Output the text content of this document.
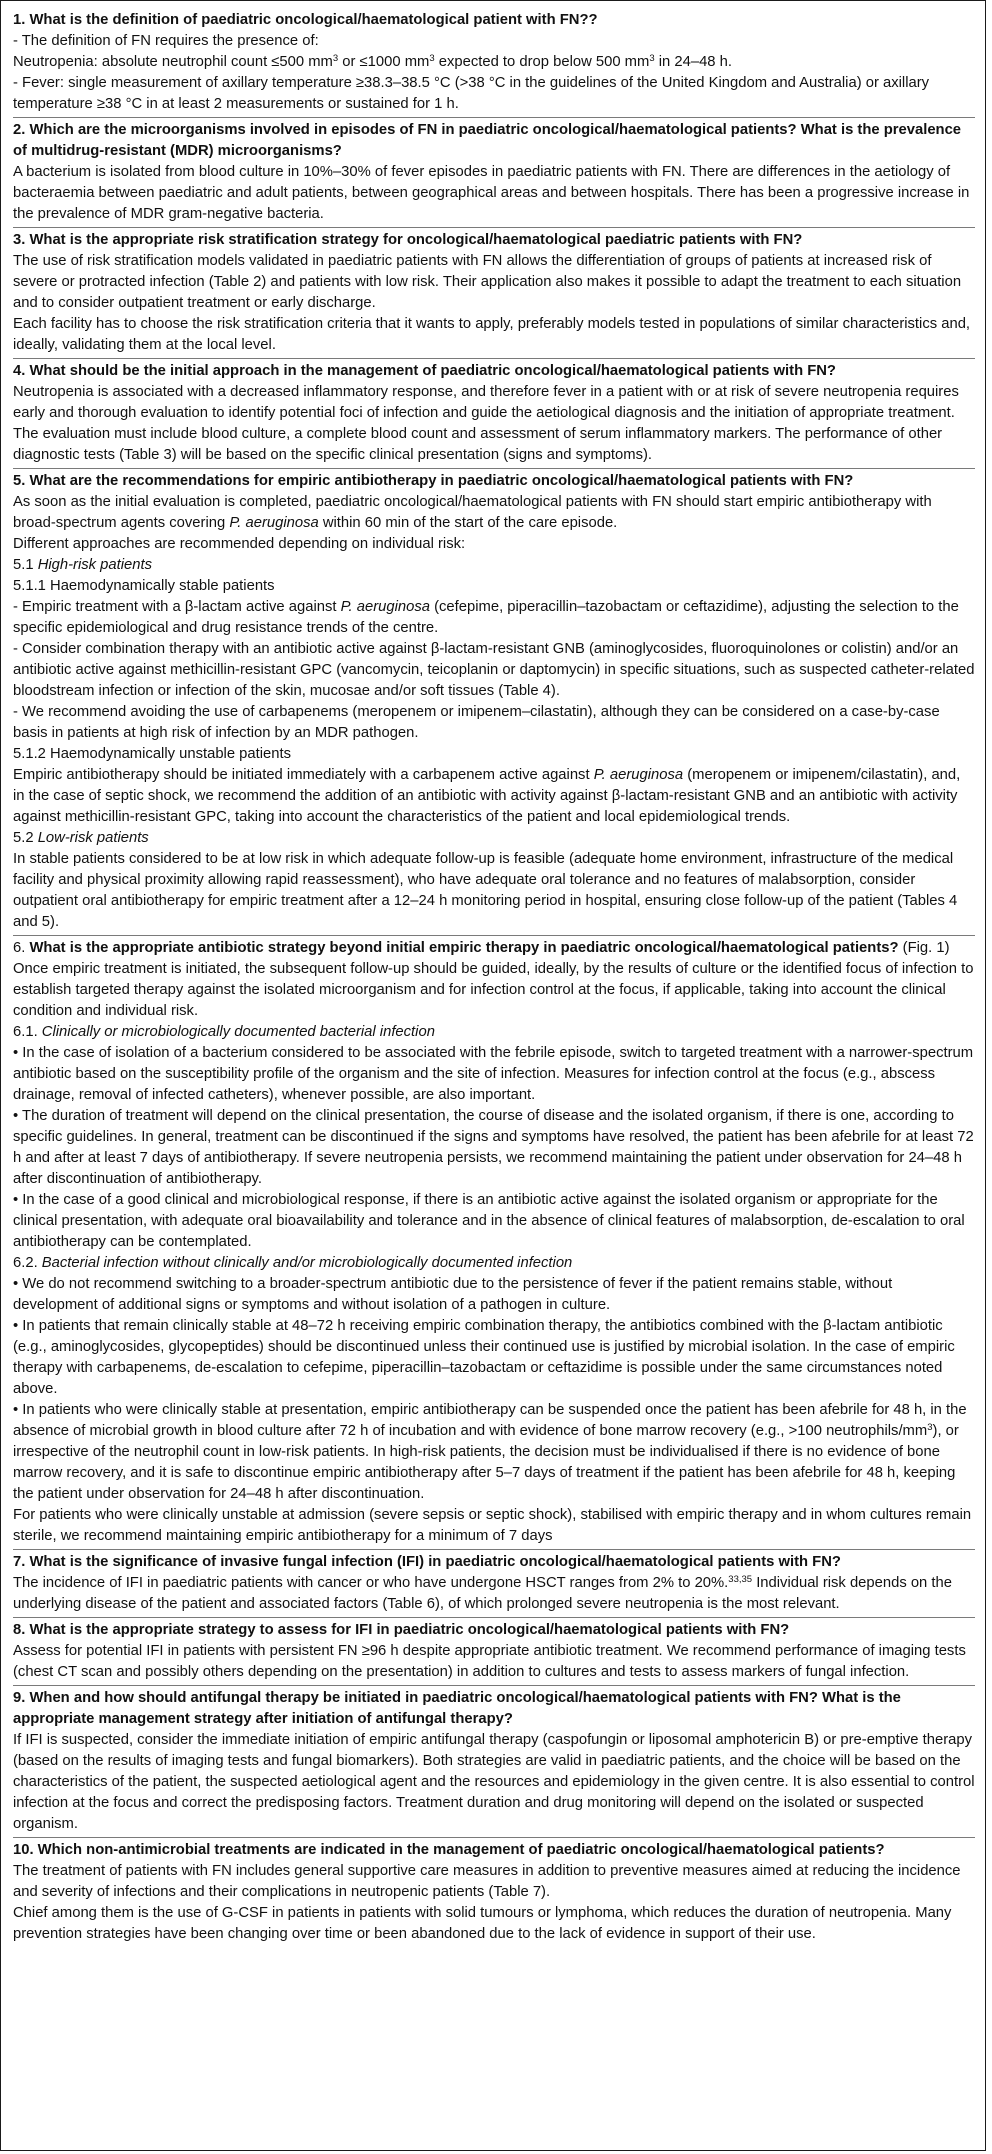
1. What is the definition of paediatric oncological/haematological patient with FN??

- The definition of FN requires the presence of:

Neutropenia: absolute neutrophil count ≤500 $mm^3$ or ≤1000 $mm^3$ expected to drop below 500 $mm^3$ in 24–48 h.

- Fever: single measurement of axillary temperature ≥38.3–38.5 °C (>38 °C in the guidelines of the United Kingdom and Australia) or axillary temperature ≥38 °C in at least 2 measurements or sustained for 1 h.

2. Which are the microorganisms involved in episodes of FN in paediatric oncological/haematological patients? What is the prevalence of multidrug-resistant (MDR) microorganisms?

A bacterium is isolated from blood culture in 10%–30% of fever episodes in paediatric patients with FN. There are differences in the aetiology of bacteraemia between paediatric and adult patients, between geographical areas and between hospitals. There has been a progressive increase in the prevalence of MDR gram-negative bacteria.

3. What is the appropriate risk stratification strategy for oncological/haematological paediatric patients with FN?

The use of risk stratification models validated in paediatric patients with FN allows the differentiation of groups of patients at increased risk of severe or protracted infection (Table 2) and patients with low risk. Their application also makes it possible to adapt the treatment to each situation and to consider outpatient treatment or early discharge.

Each facility has to choose the risk stratification criteria that it wants to apply, preferably models tested in populations of similar characteristics and, ideally, validating them at the local level.

4. What should be the initial approach in the management of paediatric oncological/haematological patients with FN?

Neutropenia is associated with a decreased inflammatory response, and therefore fever in a patient with or at risk of severe neutropenia requires early and thorough evaluation to identify potential foci of infection and guide the aetiological diagnosis and the initiation of appropriate treatment. The evaluation must include blood culture, a complete blood count and assessment of serum inflammatory markers. The performance of other diagnostic tests (Table 3) will be based on the specific clinical presentation (signs and symptoms).

5. What are the recommendations for empiric antibiotherapy in paediatric oncological/haematological patients with FN?

As soon as the initial evaluation is completed, paediatric oncological/haematological patients with FN should start empiric antibiotherapy with broad-spectrum agents covering P. aeruginosa within 60 min of the start of the care episode.

Different approaches are recommended depending on individual risk:

5.1 High-risk patients

5.1.1 Haemodynamically stable patients

- Empiric treatment with a β-lactam active against P. aeruginosa (cefepime, piperacillin–tazobactam or ceftazidime), adjusting the selection to the specific epidemiological and drug resistance trends of the centre.

- Consider combination therapy with an antibiotic active against β-lactam-resistant GNB (aminoglycosides, fluoroquinolones or colistin) and/or an antibiotic active against methicillin-resistant GPC (vancomycin, teicoplanin or daptomycin) in specific situations, such as suspected catheter-related bloodstream infection or infection of the skin, mucosae and/or soft tissues (Table 4).

- We recommend avoiding the use of carbapenems (meropenem or imipenem–cilastatin), although they can be considered on a case-by-case basis in patients at high risk of infection by an MDR pathogen.

5.1.2 Haemodynamically unstable patients

Empiric antibiotherapy should be initiated immediately with a carbapenem active against P. aeruginosa (meropenem or imipenem/cilastatin), and, in the case of septic shock, we recommend the addition of an antibiotic with activity against β-lactam-resistant GNB and an antibiotic with activity against methicillin-resistant GPC, taking into account the characteristics of the patient and local epidemiological trends.

5.2 Low-risk patients

In stable patients considered to be at low risk in which adequate follow-up is feasible (adequate home environment, infrastructure of the medical facility and physical proximity allowing rapid reassessment), who have adequate oral tolerance and no features of malabsorption, consider outpatient oral antibiotherapy for empiric treatment after a 12–24 h monitoring period in hospital, ensuring close follow-up of the patient (Tables 4 and 5).

6. What is the appropriate antibiotic strategy beyond initial empiric therapy in paediatric oncological/haematological patients? (Fig. 1)

Once empiric treatment is initiated, the subsequent follow-up should be guided, ideally, by the results of culture or the identified focus of infection to establish targeted therapy against the isolated microorganism and for infection control at the focus, if applicable, taking into account the clinical condition and individual risk.

6.1. Clinically or microbiologically documented bacterial infection

• In the case of isolation of a bacterium considered to be associated with the febrile episode, switch to targeted treatment with a narrower-spectrum antibiotic based on the susceptibility profile of the organism and the site of infection. Measures for infection control at the focus (e.g., abscess drainage, removal of infected catheters), whenever possible, are also important.

• The duration of treatment will depend on the clinical presentation, the course of disease and the isolated organism, if there is one, according to specific guidelines. In general, treatment can be discontinued if the signs and symptoms have resolved, the patient has been afebrile for at least 72 h and after at least 7 days of antibiotherapy. If severe neutropenia persists, we recommend maintaining the patient under observation for 24–48 h after discontinuation of antibiotherapy.

• In the case of a good clinical and microbiological response, if there is an antibiotic active against the isolated organism or appropriate for the clinical presentation, with adequate oral bioavailability and tolerance and in the absence of clinical features of malabsorption, de-escalation to oral antibiotherapy can be contemplated.

6.2. Bacterial infection without clinically and/or microbiologically documented infection

• We do not recommend switching to a broader-spectrum antibiotic due to the persistence of fever if the patient remains stable, without development of additional signs or symptoms and without isolation of a pathogen in culture.

• In patients that remain clinically stable at 48–72 h receiving empiric combination therapy, the antibiotics combined with the β-lactam antibiotic (e.g., aminoglycosides, glycopeptides) should be discontinued unless their continued use is justified by microbial isolation. In the case of empiric therapy with carbapenems, de-escalation to cefepime, piperacillin–tazobactam or ceftazidime is possible under the same circumstances noted above.

• In patients who were clinically stable at presentation, empiric antibiotherapy can be suspended once the patient has been afebrile for 48 h, in the absence of microbial growth in blood culture after 72 h of incubation and with evidence of bone marrow recovery (e.g., >100 neutrophils/$mm^3$), or irrespective of the neutrophil count in low-risk patients. In high-risk patients, the decision must be individualised if there is no evidence of bone marrow recovery, and it is safe to discontinue empiric antibiotherapy after 5–7 days of treatment if the patient has been afebrile for 48 h, keeping the patient under observation for 24–48 h after discontinuation.

For patients who were clinically unstable at admission (severe sepsis or septic shock), stabilised with empiric therapy and in whom cultures remain sterile, we recommend maintaining empiric antibiotherapy for a minimum of 7 days

7. What is the significance of invasive fungal infection (IFI) in paediatric oncological/haematological patients with FN?

The incidence of IFI in paediatric patients with cancer or who have undergone HSCT ranges from 2% to 20%.$^{33,35}$ Individual risk depends on the underlying disease of the patient and associated factors (Table 6), of which prolonged severe neutropenia is the most relevant.

8. What is the appropriate strategy to assess for IFI in paediatric oncological/haematological patients with FN?

Assess for potential IFI in patients with persistent FN ≥96 h despite appropriate antibiotic treatment. We recommend performance of imaging tests (chest CT scan and possibly others depending on the presentation) in addition to cultures and tests to assess markers of fungal infection.

9. When and how should antifungal therapy be initiated in paediatric oncological/haematological patients with FN? What is the appropriate management strategy after initiation of antifungal therapy?

If IFI is suspected, consider the immediate initiation of empiric antifungal therapy (caspofungin or liposomal amphotericin B) or pre-emptive therapy (based on the results of imaging tests and fungal biomarkers). Both strategies are valid in paediatric patients, and the choice will be based on the characteristics of the patient, the suspected aetiological agent and the resources and epidemiology in the given centre. It is also essential to control infection at the focus and correct the predisposing factors. Treatment duration and drug monitoring will depend on the isolated or suspected organism.

10. Which non-antimicrobial treatments are indicated in the management of paediatric oncological/haematological patients?

The treatment of patients with FN includes general supportive care measures in addition to preventive measures aimed at reducing the incidence and severity of infections and their complications in neutropenic patients (Table 7).

Chief among them is the use of G-CSF in patients in patients with solid tumours or lymphoma, which reduces the duration of neutropenia. Many prevention strategies have been changing over time or been abandoned due to the lack of evidence in support of their use.
